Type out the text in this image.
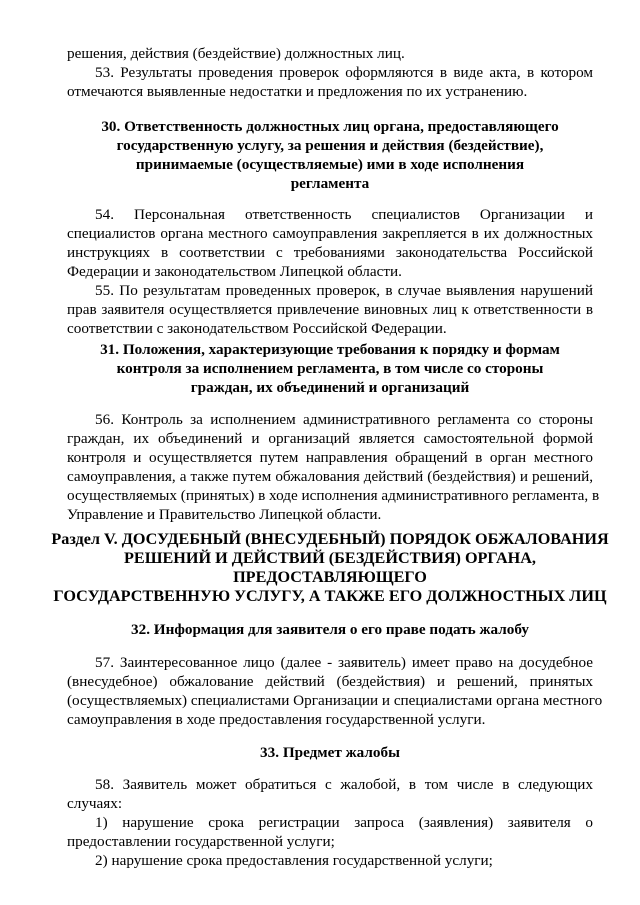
решения, действия (бездействие) должностных лиц.
53. Результаты проведения проверок оформляются в виде акта, в котором
отмечаются выявленные недостатки и предложения по их устранению.
30. Ответственность должностных лиц органа, предоставляющего
государственную услугу, за решения и действия (бездействие),
принимаемые (осуществляемые) ими в ходе исполнения
регламента
54. Персональная ответственность специалистов Организации и
специалистов органа местного самоуправления закрепляется в их должностных
инструкциях в соответствии с требованиями законодательства Российской
Федерации и законодательством Липецкой области.
55. По результатам проведенных проверок, в случае выявления нарушений
прав заявителя осуществляется привлечение виновных лиц к ответственности в
соответствии с законодательством Российской Федерации.
31. Положения, характеризующие требования к порядку и формам
контроля за исполнением регламента, в том числе со стороны
граждан, их объединений и организаций
56. Контроль за исполнением административного регламента со стороны
граждан, их объединений и организаций является самостоятельной формой
контроля и осуществляется путем направления обращений в орган местного
самоуправления, а также путем обжалования действий (бездействия) и решений,
осуществляемых (принятых) в ходе исполнения административного регламента, в
Управление и Правительство Липецкой области.
Раздел V. ДОСУДЕБНЫЙ (ВНЕСУДЕБНЫЙ) ПОРЯДОК ОБЖАЛОВАНИЯ
РЕШЕНИЙ И ДЕЙСТВИЙ (БЕЗДЕЙСТВИЯ) ОРГАНА,
ПРЕДОСТАВЛЯЮЩЕГО
ГОСУДАРСТВЕННУЮ УСЛУГУ, А ТАКЖЕ ЕГО ДОЛЖНОСТНЫХ ЛИЦ
32. Информация для заявителя о его праве подать жалобу
57. Заинтересованное лицо (далее - заявитель) имеет право на досудебное
(внесудебное) обжалование действий (бездействия) и решений, принятых
(осуществляемых) специалистами Организации и специалистами органа местного
самоуправления в ходе предоставления государственной услуги.
33. Предмет жалобы
58. Заявитель может обратиться с жалобой, в том числе в следующих
случаях:
1) нарушение срока регистрации запроса (заявления) заявителя о
предоставлении государственной услуги;
2) нарушение срока предоставления государственной услуги;
